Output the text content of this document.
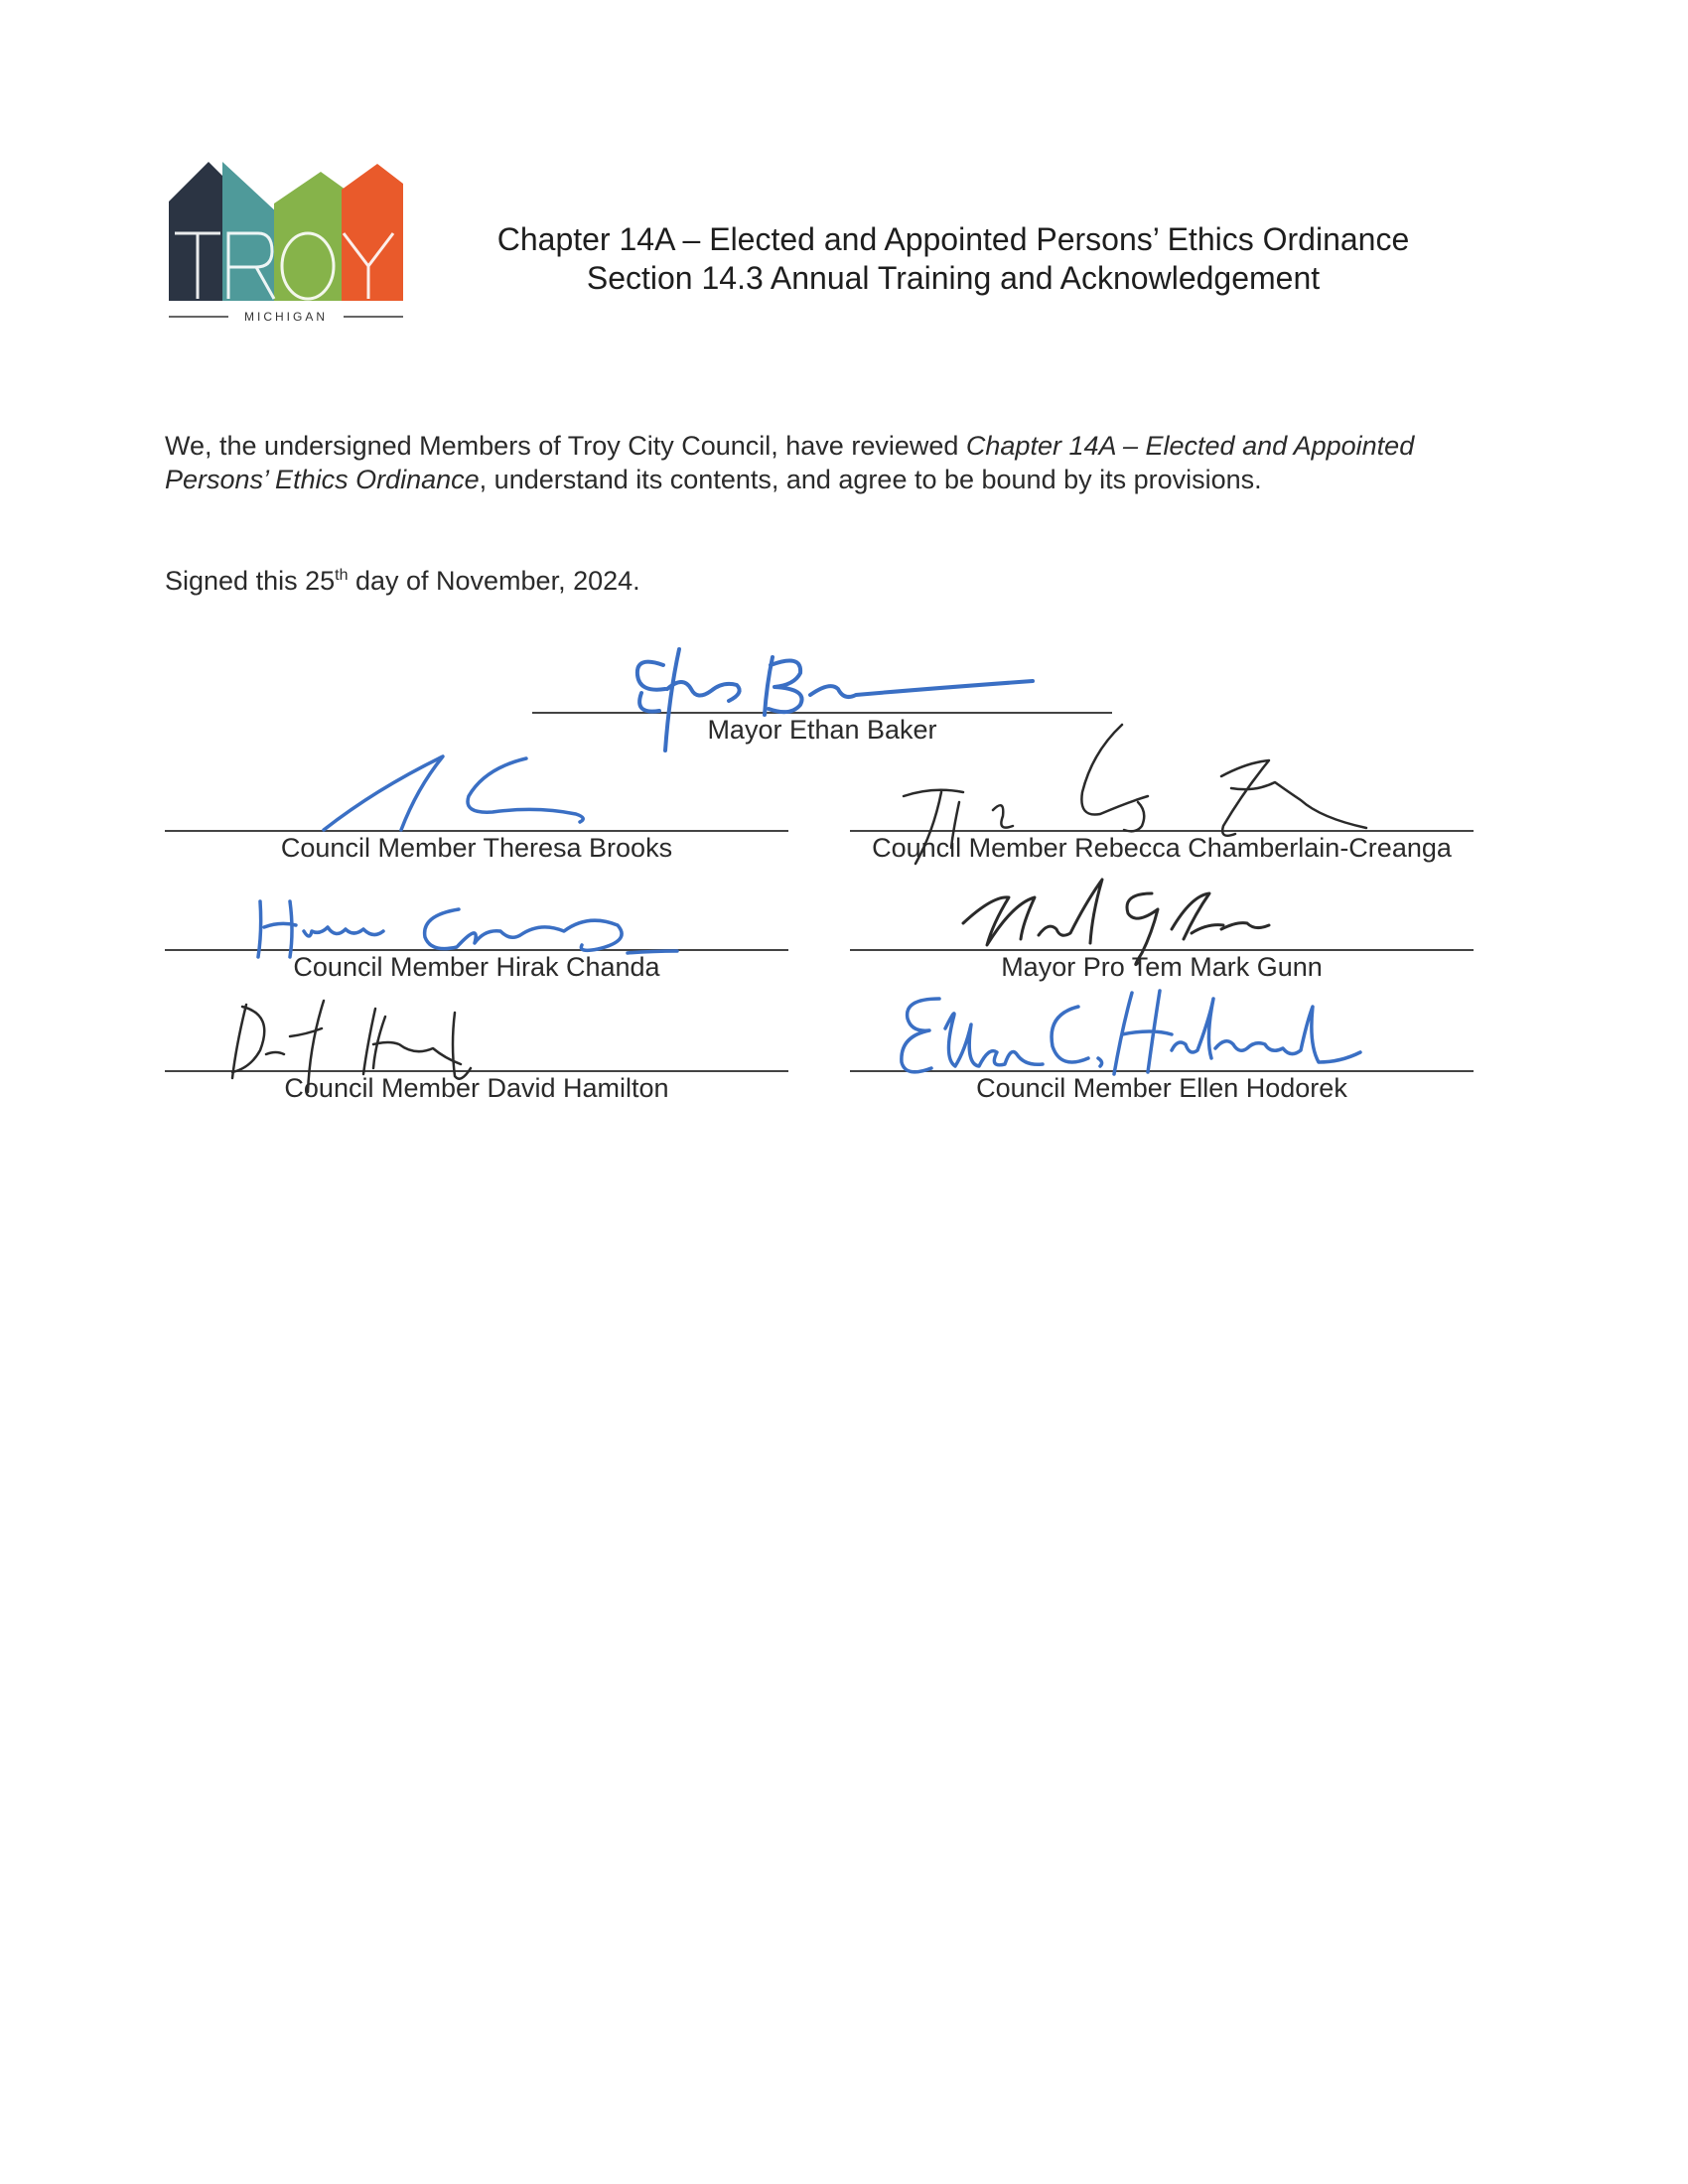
MICHIGAN
Chapter 14A – Elected and Appointed Persons’ Ethics Ordinance
Section 14.3 Annual Training and Acknowledgement
We, the undersigned Members of Troy City Council, have reviewed Chapter 14A – Elected and Appointed Persons’ Ethics Ordinance, understand its contents, and agree to be bound by its provisions.
Signed this 25th day of November, 2024.
Mayor Ethan Baker
Council Member Theresa Brooks	Council Member Rebecca Chamberlain-Creanga
Council Member Hirak Chanda	Mayor Pro Tem Mark Gunn
Council Member David Hamilton	Council Member Ellen Hodorek
